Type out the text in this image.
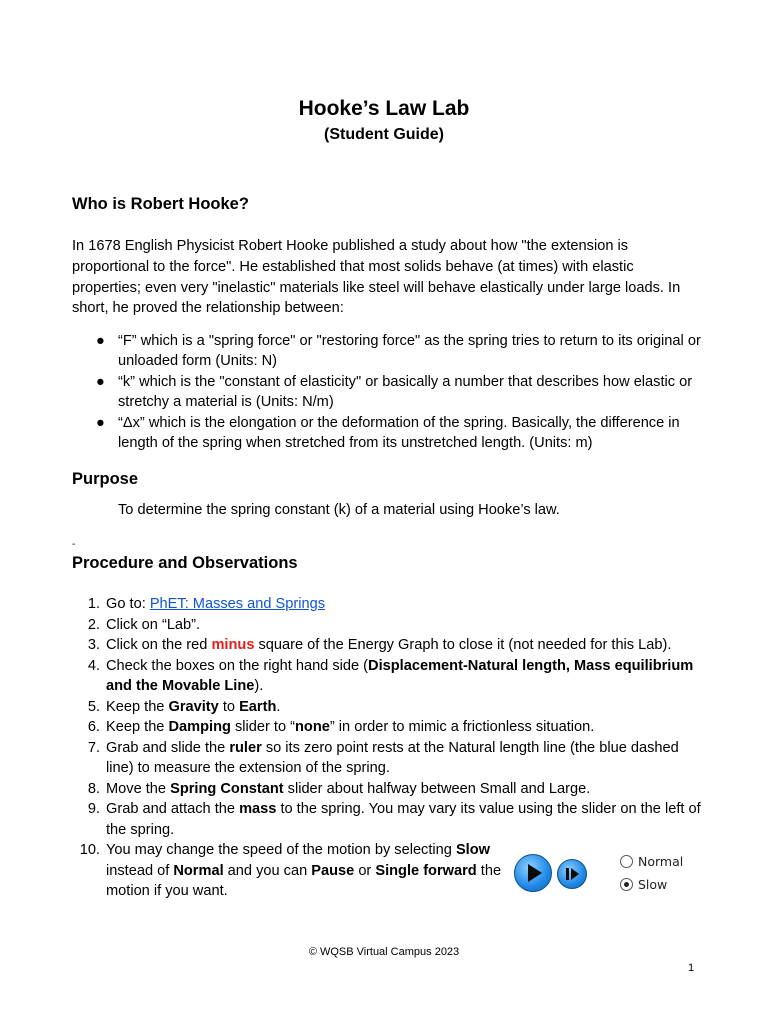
Hooke’s Law Lab
(Student Guide)
Who is Robert Hooke?
In 1678 English Physicist Robert Hooke published a study about how "the extension is proportional to the force". He established that most solids behave (at times) with elastic properties; even very "inelastic" materials like steel will behave elastically under large loads. In short, he proved the relationship between:
● “F” which is a "spring force" or "restoring force" as the spring tries to return to its original or unloaded form (Units: N)
● “k” which is the "constant of elasticity" or basically a number that describes how elastic or stretchy a material is (Units: N/m)
● “Δx” which is the elongation or the deformation of the spring. Basically, the difference in length of the spring when stretched from its unstretched length. (Units: m)
Purpose
To determine the spring constant (k) of a material using Hooke’s law.
-
Procedure and Observations
1. Go to: PhET: Masses and Springs
2. Click on “Lab”.
3. Click on the red minus square of the Energy Graph to close it (not needed for this Lab).
4. Check the boxes on the right hand side (Displacement-Natural length, Mass equilibrium and the Movable Line).
5. Keep the Gravity to Earth.
6. Keep the Damping slider to “none” in order to mimic a frictionless situation.
7. Grab and slide the ruler so its zero point rests at the Natural length line (the blue dashed line) to measure the extension of the spring.
8. Move the Spring Constant slider about halfway between Small and Large.
9. Grab and attach the mass to the spring. You may vary its value using the slider on the left of the spring.
10. You may change the speed of the motion by selecting Slow instead of Normal and you can Pause or Single forward the motion if you want.
Normal
Slow
© WQSB Virtual Campus 2023
1
